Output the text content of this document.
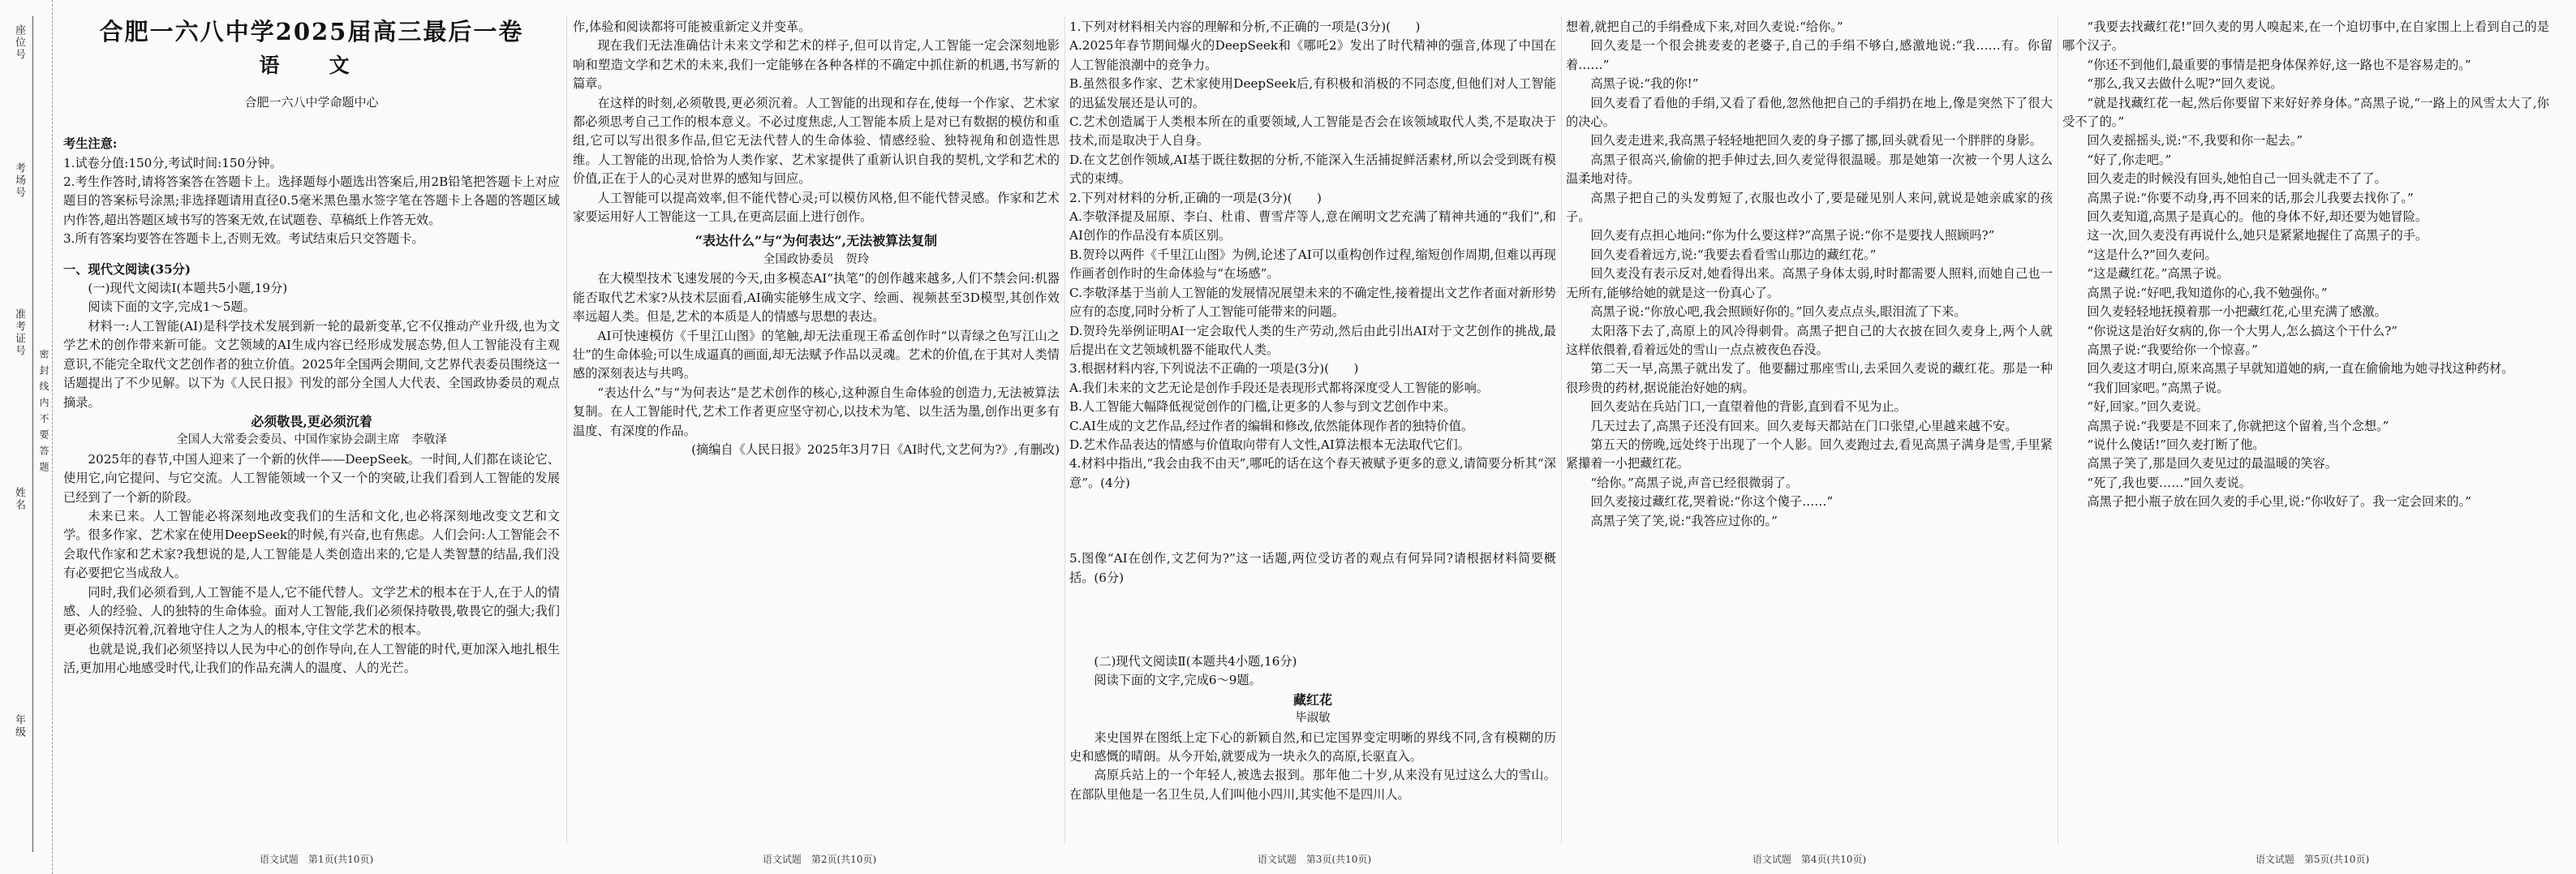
座位号
考场号
准考证号
姓名
年级
密 封 线 内 不 要 答 题
合肥一六八中学2025届高三最后一卷
语　文
合肥一六八中学命题中心

考生注意:

1.试卷分值:150分,考试时间:150分钟。

2.考生作答时,请将答案答在答题卡上。选择题每小题选出答案后,用2B铅笔把答题卡上对应题目的答案标号涂黑;非选择题请用直径0.5毫米黑色墨水签字笔在答题卡上各题的答题区域内作答,超出答题区域书写的答案无效,在试题卷、草稿纸上作答无效。

3.所有答案均要答在答题卡上,否则无效。考试结束后只交答题卡。

一、现代文阅读(35分)

(一)现代文阅读Ⅰ(本题共5小题,19分)

阅读下面的文字,完成1～5题。

材料一:人工智能(AI)是科学技术发展到新一轮的最新变革,它不仅推动产业升级,也为文学艺术的创作带来新可能。文艺领域的AI生成内容已经形成发展态势,但人工智能没有主观意识,不能完全取代文艺创作者的独立价值。2025年全国两会期间,文艺界代表委员围绕这一话题提出了不少见解。以下为《人民日报》刊发的部分全国人大代表、全国政协委员的观点摘录。

必须敬畏,更必须沉着
全国人大常委会委员、中国作家协会副主席　李敬泽

2025年的春节,中国人迎来了一个新的伙伴——DeepSeek。一时间,人们都在谈论它、使用它,向它提问、与它交流。人工智能领域一个又一个的突破,让我们看到人工智能的发展已经到了一个新的阶段。

未来已来。人工智能必将深刻地改变我们的生活和文化,也必将深刻地改变文艺和文学。很多作家、艺术家在使用DeepSeek的时候,有兴奋,也有焦虑。人们会问:人工智能会不会取代作家和艺术家?我想说的是,人工智能是人类创造出来的,它是人类智慧的结晶,我们没有必要把它当成敌人。

同时,我们必须看到,人工智能不是人,它不能代替人。文学艺术的根本在于人,在于人的情感、人的经验、人的独特的生命体验。面对人工智能,我们必须保持敬畏,敬畏它的强大;我们更必须保持沉着,沉着地守住人之为人的根本,守住文学艺术的根本。

也就是说,我们必须坚持以人民为中心的创作导向,在人工智能的时代,更加深入地扎根生活,更加用心地感受时代,让我们的作品充满人的温度、人的光芒。

作,体验和阅读都将可能被重新定义并变革。

现在我们无法准确估计未来文学和艺术的样子,但可以肯定,人工智能一定会深刻地影响和塑造文学和艺术的未来,我们一定能够在各种各样的不确定中抓住新的机遇,书写新的篇章。

在这样的时刻,必须敬畏,更必须沉着。人工智能的出现和存在,使每一个作家、艺术家都必须思考自己工作的根本意义。不必过度焦虑,人工智能本质上是对已有数据的模仿和重组,它可以写出很多作品,但它无法代替人的生命体验、情感经验、独特视角和创造性思维。人工智能的出现,恰恰为人类作家、艺术家提供了重新认识自我的契机,文学和艺术的价值,正在于人的心灵对世界的感知与回应。

人工智能可以提高效率,但不能代替心灵;可以模仿风格,但不能代替灵感。作家和艺术家要运用好人工智能这一工具,在更高层面上进行创作。

“表达什么”与“为何表达”,无法被算法复制
全国政协委员　贺玲

在大模型技术飞速发展的今天,由多模态AI“执笔”的创作越来越多,人们不禁会问:机器能否取代艺术家?从技术层面看,AI确实能够生成文字、绘画、视频甚至3D模型,其创作效率远超人类。但是,艺术的本质是人的情感与思想的表达。

AI可快速模仿《千里江山图》的笔触,却无法重现王希孟创作时“以青绿之色写江山之壮”的生命体验;可以生成逼真的画面,却无法赋予作品以灵魂。艺术的价值,在于其对人类情感的深刻表达与共鸣。

“表达什么”与“为何表达”是艺术创作的核心,这种源自生命体验的创造力,无法被算法复制。在人工智能时代,艺术工作者更应坚守初心,以技术为笔、以生活为墨,创作出更多有温度、有深度的作品。

(摘编自《人民日报》2025年3月7日《AI时代,文艺何为?》,有删改)

1.下列对材料相关内容的理解和分析,不正确的一项是(3分)(　　)

A.2025年春节期间爆火的DeepSeek和《哪吒2》发出了时代精神的强音,体现了中国在人工智能浪潮中的竞争力。

B.虽然很多作家、艺术家使用DeepSeek后,有积极和消极的不同态度,但他们对人工智能的迅猛发展还是认可的。

C.艺术创造属于人类根本所在的重要领域,人工智能是否会在该领域取代人类,不是取决于技术,而是取决于人自身。

D.在文艺创作领域,AI基于既往数据的分析,不能深入生活捕捉鲜活素材,所以会受到既有模式的束缚。

2.下列对材料的分析,正确的一项是(3分)(　　)

A.李敬泽提及屈原、李白、杜甫、曹雪芹等人,意在阐明文艺充满了精神共通的“我们”,和AI创作的作品没有本质区别。

B.贺玲以两件《千里江山图》为例,论述了AI可以重构创作过程,缩短创作周期,但难以再现作画者创作时的生命体验与“在场感”。

C.李敬泽基于当前人工智能的发展情况展望未来的不确定性,接着提出文艺作者面对新形势应有的态度,同时分析了人工智能可能带来的问题。

D.贺玲先举例证明AI一定会取代人类的生产劳动,然后由此引出AI对于文艺创作的挑战,最后提出在文艺领域机器不能取代人类。

3.根据材料内容,下列说法不正确的一项是(3分)(　　)

A.我们未来的文艺无论是创作手段还是表现形式都将深度受人工智能的影响。

B.人工智能大幅降低视觉创作的门槛,让更多的人参与到文艺创作中来。

C.AI生成的文艺作品,经过作者的编辑和修改,依然能体现作者的独特价值。

D.艺术作品表达的情感与价值取向带有人文性,AI算法根本无法取代它们。

4.材料中指出,“我会由我不由天”,哪吒的话在这个春天被赋予更多的意义,请简要分析其“深意”。(4分)

5.图像“AI在创作,文艺何为?”这一话题,两位受访者的观点有何异同?请根据材料简要概括。(6分)

(二)现代文阅读Ⅱ(本题共4小题,16分)

阅读下面的文字,完成6～9题。

藏红花
毕淑敏

来史国界在图纸上定下心的新颖自然,和已定国界变定明晰的界线不同,含有模糊的历史和感慨的晴朗。从今开始,就要成为一块永久的高原,长驱直入。

高原兵站上的一个年轻人,被选去报到。那年他二十岁,从来没有见过这么大的雪山。在部队里他是一名卫生员,人们叫他小四川,其实他不是四川人。

想着,就把自己的手绢叠成下来,对回久麦说:“给你。”

回久麦是一个很会挑麦麦的老婆子,自己的手绢不够白,感激地说:“我……有。你留着……”

高黑子说:“我的你!”

回久麦看了看他的手绢,又看了看他,忽然他把自己的手绢扔在地上,像是突然下了很大的决心。

回久麦走进来,我高黑子轻轻地把回久麦的身子挪了挪,回头就看见一个胖胖的身影。

高黑子很高兴,偷偷的把手伸过去,回久麦觉得很温暖。那是她第一次被一个男人这么温柔地对待。

高黑子把自己的头发剪短了,衣服也改小了,要是碰见别人来问,就说是她亲戚家的孩子。

回久麦有点担心地问:“你为什么要这样?”高黑子说:“你不是要找人照顾吗?”

回久麦看着远方,说:“我要去看看雪山那边的藏红花。”

回久麦没有表示反对,她看得出来。高黑子身体太弱,时时都需要人照料,而她自己也一无所有,能够给她的就是这一份真心了。

高黑子说:“你放心吧,我会照顾好你的。”回久麦点点头,眼泪流了下来。

太阳落下去了,高原上的风冷得刺骨。高黑子把自己的大衣披在回久麦身上,两个人就这样依偎着,看着远处的雪山一点点被夜色吞没。

第二天一早,高黑子就出发了。他要翻过那座雪山,去采回久麦说的藏红花。那是一种很珍贵的药材,据说能治好她的病。

回久麦站在兵站门口,一直望着他的背影,直到看不见为止。

几天过去了,高黑子还没有回来。回久麦每天都站在门口张望,心里越来越不安。

第五天的傍晚,远处终于出现了一个人影。回久麦跑过去,看见高黑子满身是雪,手里紧紧攥着一小把藏红花。

“给你。”高黑子说,声音已经很微弱了。

回久麦接过藏红花,哭着说:“你这个傻子……”

高黑子笑了笑,说:“我答应过你的。”

“我要去找藏红花!”回久麦的男人嗅起来,在一个迫切事中,在自家围上上看到自己的是哪个汉子。

“你还不到他们,最重要的事情是把身体保养好,这一路也不是容易走的。”

“那么,我又去做什么呢?”回久麦说。

“就是找藏红花一起,然后你要留下来好好养身体。”高黑子说,“一路上的风雪太大了,你受不了的。”

回久麦摇摇头,说:“不,我要和你一起去。”

“好了,你走吧。”

回久麦走的时候没有回头,她怕自己一回头就走不了了。

高黑子说:“你要不动身,再不回来的话,那会儿我要去找你了。”

回久麦知道,高黑子是真心的。他的身体不好,却还要为她冒险。

这一次,回久麦没有再说什么,她只是紧紧地握住了高黑子的手。

“这是什么?”回久麦问。

“这是藏红花。”高黑子说。

高黑子说:“好吧,我知道你的心,我不勉强你。”

回久麦轻轻地抚摸着那一小把藏红花,心里充满了感激。

“你说这是治好女病的,你一个大男人,怎么搞这个干什么?”

高黑子说:“我要给你一个惊喜。”

回久麦这才明白,原来高黑子早就知道她的病,一直在偷偷地为她寻找这种药材。

“我们回家吧。”高黑子说。

“好,回家。”回久麦说。

高黑子说:“我要是不回来了,你就把这个留着,当个念想。”

“说什么傻话!”回久麦打断了他。

高黑子笑了,那是回久麦见过的最温暖的笑容。

“死了,我也要……”回久麦说。

高黑子把小瓶子放在回久麦的手心里,说:“你收好了。我一定会回来的。”

语文试题　第1页(共10页)	语文试题　第2页(共10页)	语文试题　第3页(共10页)	语文试题　第4页(共10页)	语文试题　第5页(共10页)
